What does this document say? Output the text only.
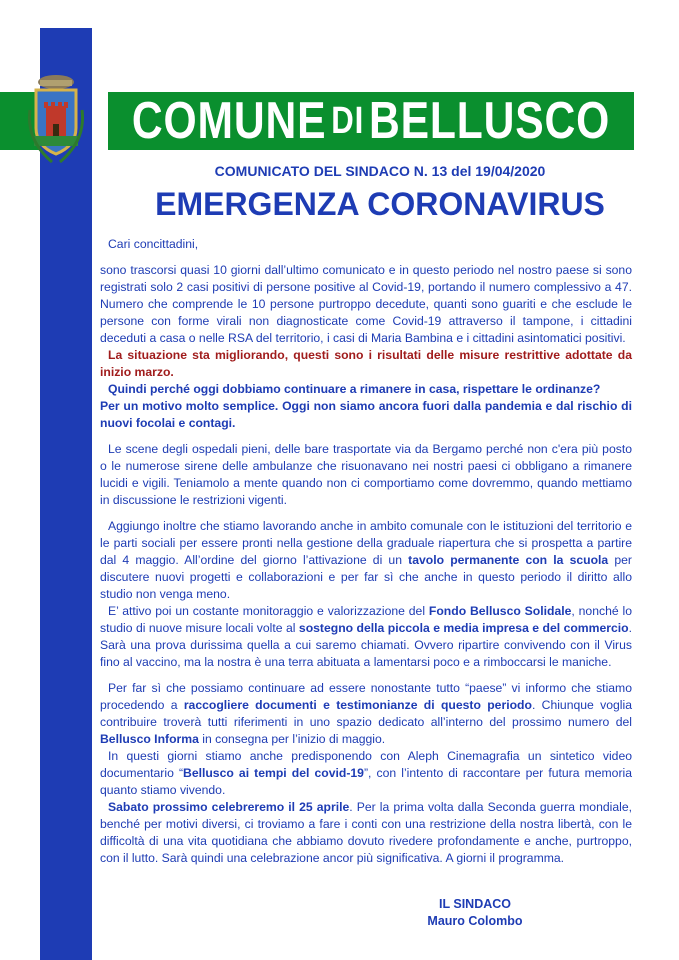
COMUNE DI BELLUSCO
COMUNICATO DEL SINDACO N. 13 del 19/04/2020
EMERGENZA CORONAVIRUS

Cari concittadini,

sono trascorsi quasi 10 giorni dall’ultimo comunicato e in questo periodo nel nostro paese si sono registrati solo 2 casi positivi di persone positive al Covid-19, portando il numero complessivo a 47. Numero che comprende le 10 persone purtroppo decedute, quanti sono guariti e che esclude le persone con forme virali non diagnosticate come Covid-19 attraverso il tampone, i cittadini deceduti a casa o nelle RSA del territorio, i casi di Maria Bambina e i cittadini asintomatici positivi.

La situazione sta migliorando, questi sono i risultati delle misure restrittive adottate da inizio marzo.

Quindi perché oggi dobbiamo continuare a rimanere in casa, rispettare le ordinanze?

Per un motivo molto semplice. Oggi non siamo ancora fuori dalla pandemia e dal rischio di nuovi focolai e contagi.

Le scene degli ospedali pieni, delle bare trasportate via da Bergamo perché non c'era più posto o le numerose sirene delle ambulanze che risuonavano nei nostri paesi ci obbligano a rimanere lucidi e vigili. Teniamolo a mente quando non ci comportiamo come dovremmo, quando mettiamo in discussione le restrizioni vigenti.

Aggiungo inoltre che stiamo lavorando anche in ambito comunale con le istituzioni del territorio e le parti sociali per essere pronti nella gestione della graduale riapertura che si prospetta a partire dal 4 maggio. All’ordine del giorno l’attivazione di un tavolo permanente con la scuola per discutere nuovi progetti e collaborazioni e per far sì che anche in questo periodo il diritto allo studio non venga meno.

E’ attivo poi un costante monitoraggio e valorizzazione del Fondo Bellusco Solidale, nonché lo studio di nuove misure locali volte al sostegno della piccola e media impresa e del commercio. Sarà una prova durissima quella a cui saremo chiamati. Ovvero ripartire convivendo con il Virus fino al vaccino, ma la nostra è una terra abituata a lamentarsi poco e a rimboccarsi le maniche.

Per far sì che possiamo continuare ad essere nonostante tutto “paese” vi informo che stiamo procedendo a raccogliere documenti e testimonianze di questo periodo. Chiunque voglia contribuire troverà tutti riferimenti in uno spazio dedicato all’interno del prossimo numero del Bellusco Informa in consegna per l’inizio di maggio.

In questi giorni stiamo anche predisponendo con Aleph Cinemagrafia un sintetico video documentario “Bellusco ai tempi del covid-19”, con l’intento di raccontare per futura memoria quanto stiamo vivendo.

Sabato prossimo celebreremo il 25 aprile. Per la prima volta dalla Seconda guerra mondiale, benché per motivi diversi, ci troviamo a fare i conti con una restrizione della nostra libertà, con le difficoltà di una vita quotidiana che abbiamo dovuto rivedere profondamente e anche, purtroppo, con il lutto. Sarà quindi una celebrazione ancor più significativa. A giorni il programma.

IL SINDACO
Mauro Colombo
